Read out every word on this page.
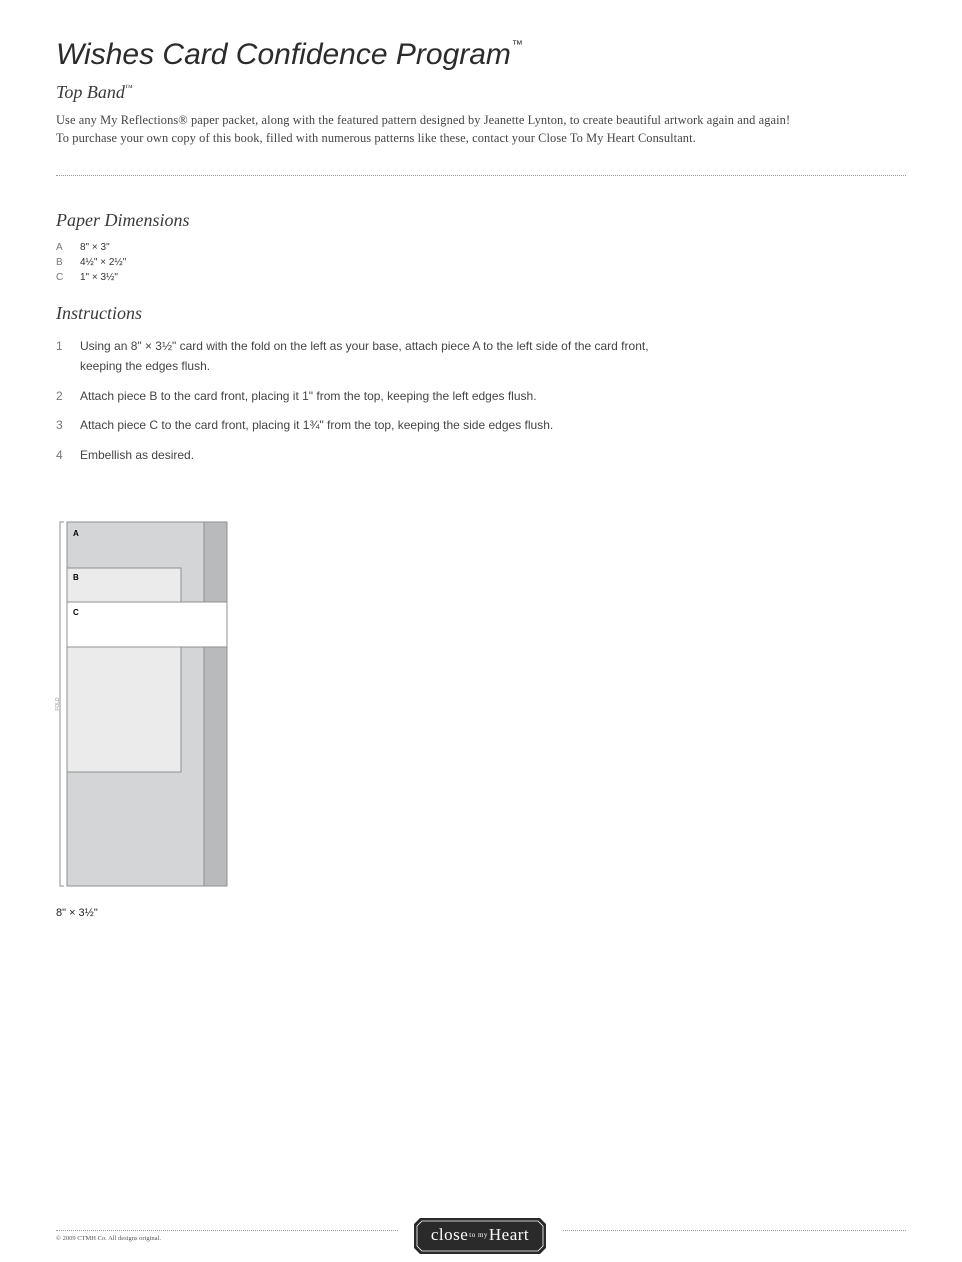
Wishes Card Confidence Program™
Top Band™
Use any My Reflections® paper packet, along with the featured pattern designed by Jeanette Lynton, to create beautiful artwork again and again!
To purchase your own copy of this book, filled with numerous patterns like these, contact your Close To My Heart Consultant.
Paper Dimensions
A	8" × 3"
B	4½" × 2½"
C	1" × 3½"
Instructions
1	Using an 8" × 3½" card with the fold on the left as your base, attach piece A to the left side of the card front, keeping the edges flush.
2	Attach piece B to the card front, placing it 1" from the top, keeping the left edges flush.
3	Attach piece C to the card front, placing it 1¾" from the top, keeping the side edges flush.
4	Embellish as desired.
FOLD
A
B
C
8" × 3½"
© 2009 CTMH Co. All designs original.	closeto myHeart
